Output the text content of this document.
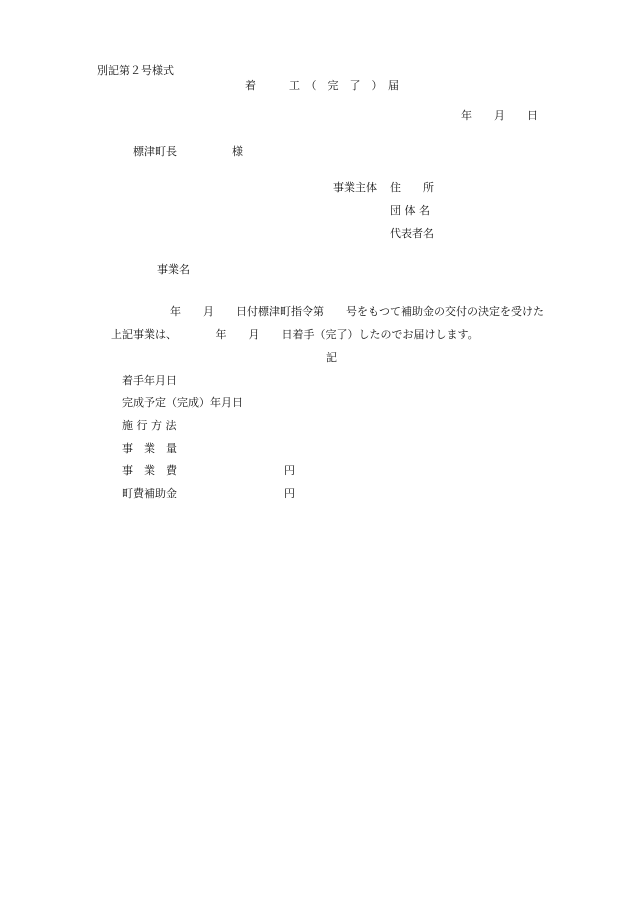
別記第２号様式
着　　　工　（　完　了　）　届
年　　月　　日
標津町長　　　　　様
事業主体 住　　所
団 体 名
代表者名
事業名
年　　月　　日付標津町指令第　　号をもつて補助金の交付の決定を受けた
上記事業は、　　　　年　　月　　日着手（完了）したのでお届けします。
記
着手年月日
完成予定（完成）年月日
施 行 方 法
事　業　量
事　業　費	円
町費補助金	円
